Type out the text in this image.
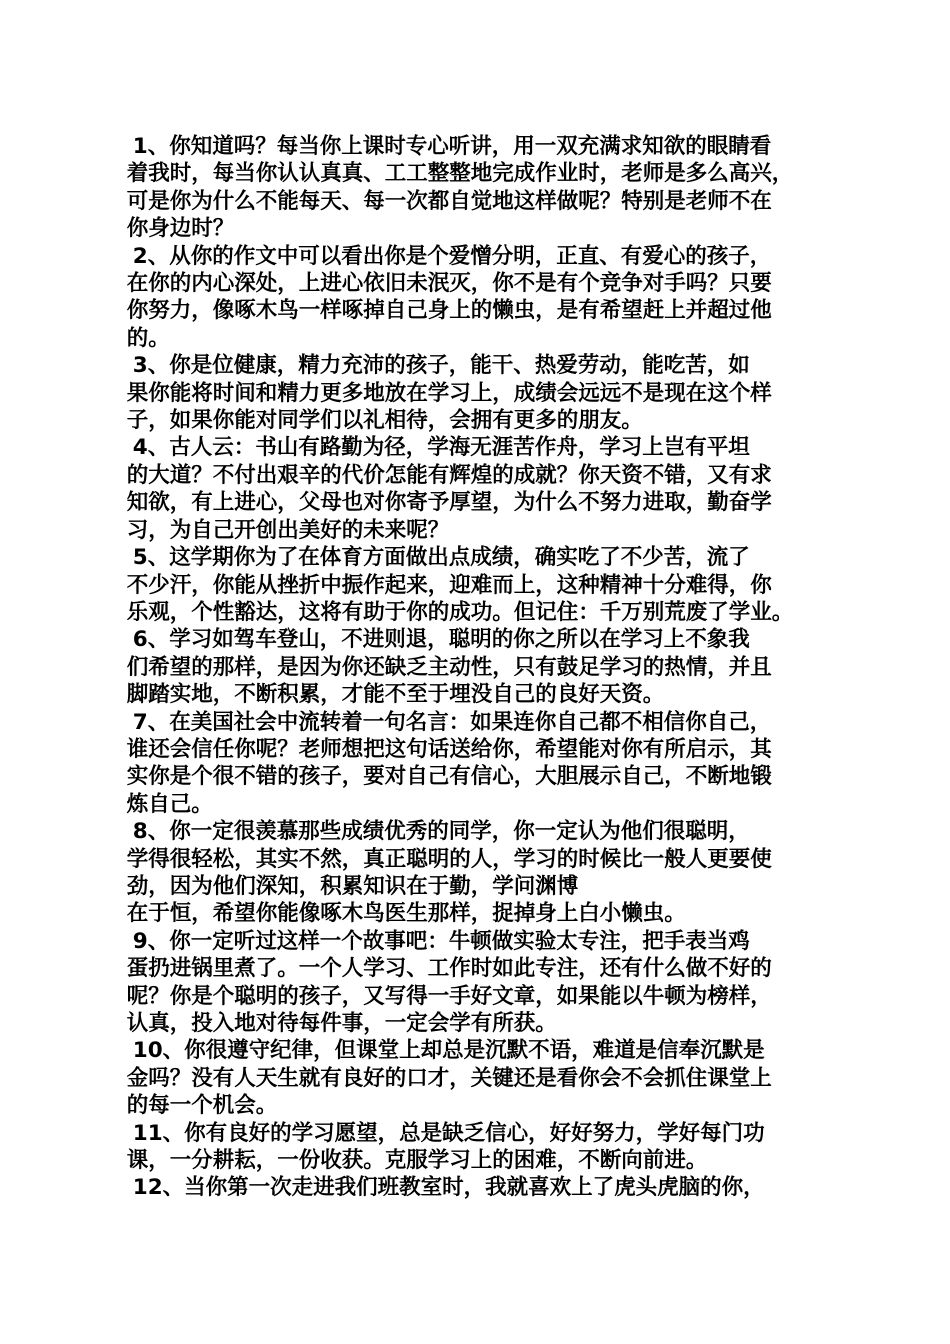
1、你知道吗？每当你上课时专心听讲，用一双充满求知欲的眼睛看
着我时，每当你认认真真、工工整整地完成作业时，老师是多么高兴，
可是你为什么不能每天、每一次都自觉地这样做呢？特别是老师不在
你身边时？
2、从你的作文中可以看出你是个爱憎分明，正直、有爱心的孩子，
在你的内心深处，上进心依旧未泯灭，你不是有个竞争对手吗？只要
你努力，像啄木鸟一样啄掉自己身上的懒虫，是有希望赶上并超过他
的。
3、你是位健康，精力充沛的孩子，能干、热爱劳动，能吃苦，如
果你能将时间和精力更多地放在学习上，成绩会远远不是现在这个样
子，如果你能对同学们以礼相待，会拥有更多的朋友。
4、古人云：书山有路勤为径，学海无涯苦作舟，学习上岂有平坦
的大道？不付出艰辛的代价怎能有辉煌的成就？你天资不错，又有求
知欲，有上进心，父母也对你寄予厚望，为什么不努力进取，勤奋学
习，为自己开创出美好的未来呢？
5、这学期你为了在体育方面做出点成绩，确实吃了不少苦，流了
不少汗，你能从挫折中振作起来，迎难而上，这种精神十分难得，你
乐观，个性豁达，这将有助于你的成功。但记住：千万别荒废了学业。
6、学习如驾车登山，不进则退，聪明的你之所以在学习上不象我
们希望的那样，是因为你还缺乏主动性，只有鼓足学习的热情，并且
脚踏实地，不断积累，才能不至于埋没自己的良好天资。
7、在美国社会中流转着一句名言：如果连你自己都不相信你自己，
谁还会信任你呢？老师想把这句话送给你，希望能对你有所启示，其
实你是个很不错的孩子，要对自己有信心，大胆展示自己，不断地锻
炼自己。
8、你一定很羡慕那些成绩优秀的同学，你一定认为他们很聪明，
学得很轻松，其实不然，真正聪明的人，学习的时候比一般人更要使
劲，因为他们深知，积累知识在于勤，学问渊博
在于恒，希望你能像啄木鸟医生那样，捉掉身上白小懒虫。
9、你一定听过这样一个故事吧：牛顿做实验太专注，把手表当鸡
蛋扔进锅里煮了。一个人学习、工作时如此专注，还有什么做不好的
呢？你是个聪明的孩子，又写得一手好文章，如果能以牛顿为榜样，
认真，投入地对待每件事，一定会学有所获。
10、你很遵守纪律，但课堂上却总是沉默不语，难道是信奉沉默是
金吗？没有人天生就有良好的口才，关键还是看你会不会抓住课堂上
的每一个机会。
11、你有良好的学习愿望，总是缺乏信心，好好努力，学好每门功
课，一分耕耘，一份收获。克服学习上的困难，不断向前进。
12、当你第一次走进我们班教室时，我就喜欢上了虎头虎脑的你，
